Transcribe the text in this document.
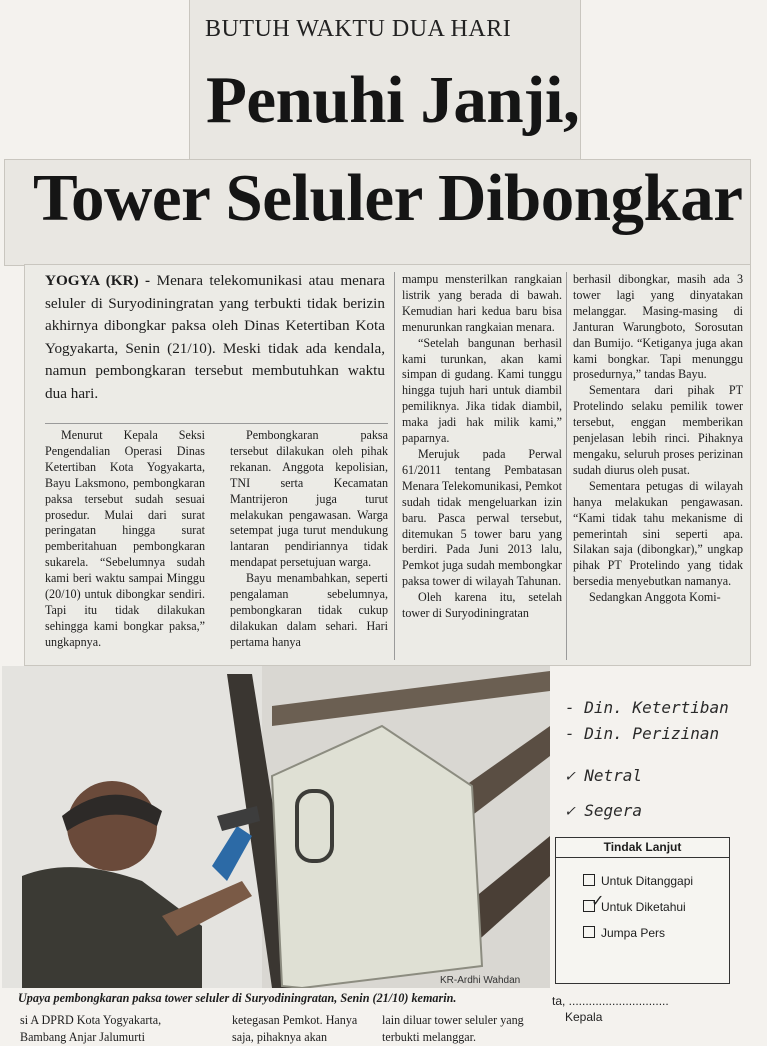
BUTUH WAKTU DUA HARI
Penuhi Janji,
Tower Seluler Dibongkar
YOGYA (KR) - Menara telekomunikasi atau menara seluler di Suryodiningratan yang terbukti tidak berizin akhirnya dibongkar paksa oleh Dinas Ketertiban Kota Yogyakarta, Senin (21/10). Meski tidak ada kendala, namun pembongkaran tersebut membutuhkan waktu dua hari.

Menurut Kepala Seksi Pengendalian Operasi Dinas Ketertiban Kota Yogyakarta, Bayu Laksmono, pembongkaran paksa tersebut sudah sesuai prosedur. Mulai dari surat peringatan hingga surat pemberitahuan pembongkaran sukarela. “Sebelumnya sudah kami beri waktu sampai Minggu (20/10) untuk dibongkar sendiri. Tapi itu tidak dilakukan sehingga kami bongkar paksa,” ungkapnya.

Pembongkaran paksa tersebut dilakukan oleh pihak rekanan. Anggota kepolisian, TNI serta Kecamatan Mantrijeron juga turut melakukan pengawasan. Warga setempat juga turut mendukung lantaran pendiriannya tidak mendapat persetujuan warga.

Bayu menambahkan, seperti pengalaman sebelumnya, pembongkaran tidak cukup dilakukan dalam sehari. Hari pertama hanya

mampu mensterilkan rangkaian listrik yang berada di bawah. Kemudian hari kedua baru bisa menurunkan rangkaian menara.

“Setelah bangunan berhasil kami turunkan, akan kami simpan di gudang. Kami tunggu hingga tujuh hari untuk diambil pemiliknya. Jika tidak diambil, maka jadi hak milik kami,” paparnya.

Merujuk pada Perwal 61/2011 tentang Pembatasan Menara Telekomunikasi, Pemkot sudah tidak mengeluarkan izin baru. Pasca perwal tersebut, ditemukan 5 tower baru yang berdiri. Pada Juni 2013 lalu, Pemkot juga sudah membongkar paksa tower di wilayah Tahunan.

Oleh karena itu, setelah tower di Suryodiningratan

berhasil dibongkar, masih ada 3 tower lagi yang dinyatakan melanggar. Masing-masing di Janturan Warungboto, Sorosutan dan Bumijo. “Ketiganya juga akan kami bongkar. Tapi menunggu prosedurnya,” tandas Bayu.

Sementara dari pihak PT Protelindo selaku pemilik tower tersebut, enggan memberikan penjelasan lebih rinci. Pihaknya mengaku, seluruh proses perizinan sudah diurus oleh pusat.

Sementara petugas di wilayah hanya melakukan pengawasan. “Kami tidak tahu mekanisme di pemerintah sini seperti apa. Silakan saja (dibongkar),” ungkap pihak PT Protelindo yang tidak bersedia menyebutkan namanya.

Sedangkan Anggota Komi-

KR-Ardhi Wahdan
Upaya pembongkaran paksa tower seluler di Suryodiningratan, Senin (21/10) kemarin.
si A DPRD Kota Yogyakarta, Bambang Anjar Jalumurti
ketegasan Pemkot. Hanya saja, pihaknya akan
lain diluar tower seluler yang terbukti melanggar.
- Din. Ketertiban
- Din. Perizinan
✓ Netral
✓ Segera
Tindak Lanjut
Untuk Ditanggapi
Untuk Diketahui
✓
Jumpa Pers
ta, ..............................
Kepala
